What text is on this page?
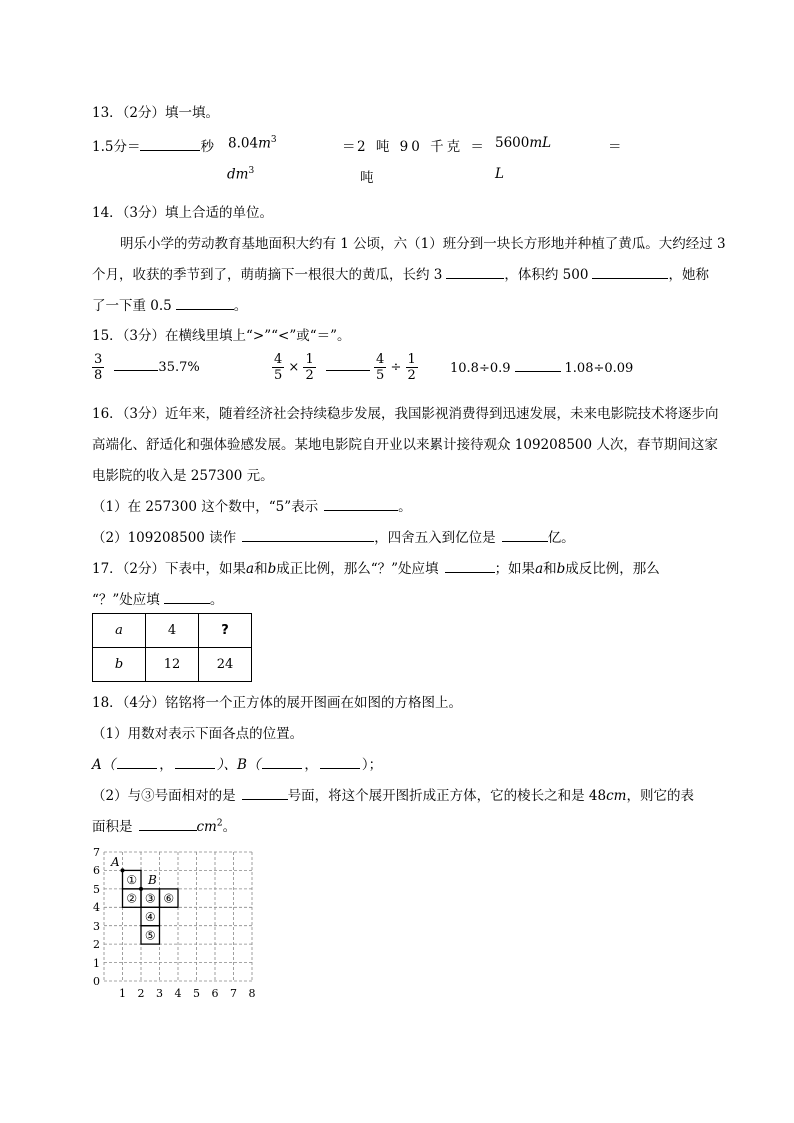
13．（2分）填一填。
1.5分＝	秒 $8.04m^3$	＝
$dm^3$
2 吨 90 千克 ＝
吨
5600mL	＝
L
14．（3分）填上合适的单位。
明乐小学的劳动教育基地面积大约有 1 公顷，六（1）班分到一块长方形地并种植了黄瓜。大约经过 3
个月，收获的季节到了，萌萌摘下一根很大的黄瓜，长约 3	，体积约 500	，她称
了一下重 0.5	。
15．（3分）在横线里填上“>”“<”或“＝”。
$\frac{3}{8}$	35.7%	$\frac{4}{5} \times \frac{1}{2}$
	$\frac{4}{5} \div \frac{1}{2} 10.8\div 0.9$	1.08÷0.09
16．（3分）近年来，随着经济社会持续稳步发展，我国影视消费得到迅速发展，未来电影院技术将逐步向
高端化、舒适化和强体验感发展。某地电影院自开业以来累计接待观众 109208500 人次，春节期间这家
电影院的收入是 257300 元。
（1）在 257300 这个数中，“5”表示	。
（2）109208500 读作	，四舍五入到亿位是	亿。
17．（2分）下表中，如果a和b成正比例，那么“？”处应填	；如果a和b成反比例，那么
“？”处应填	。
a	4	?
b	12	24
18．（4分）铭铭将一个正方体的展开图画在如图的方格图上。
（1）用数对表示下面各点的位置。
A（	，	）、B（	，	）；
（2）与③号面相对的是	号面，将这个展开图折成正方体，它的棱长之和是 48cm，则它的表
面积是	$cm^2$。
7
6
5
4
3
2
1
0
1 2 3 4 5 6 7 8
①
② ③ ⑥
④
⑤
A
B
